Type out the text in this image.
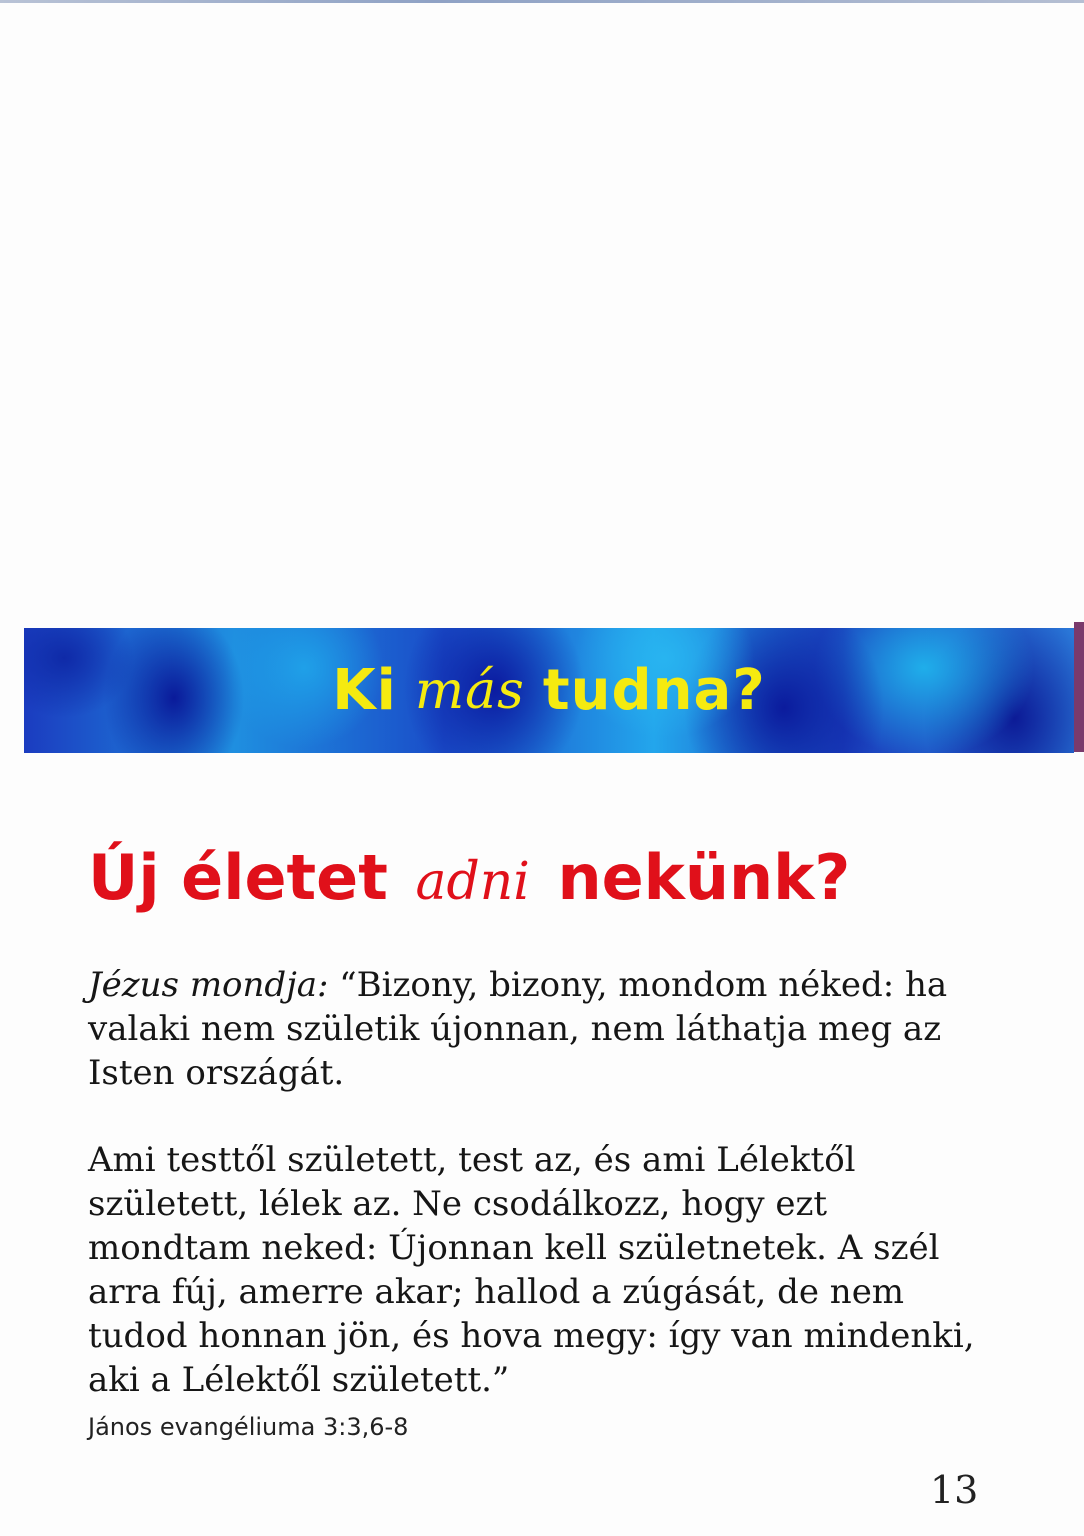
Ki más tudna?
Új életet adni nekünk?

Jézus mondja: “Bizony, bizony, mondom néked: ha valaki nem születik újonnan, nem láthatja meg az Isten országát.

Ami testtől született, test az, és ami Lélektől született, lélek az. Ne csodálkozz, hogy ezt mondtam neked: Újonnan kell születnetek. A szél arra fúj, amerre akar; hallod a zúgását, de nem tudod honnan jön, és hova megy: így van mindenki, aki a Lélektől született.”

János evangéliuma 3:3,6-8

13
